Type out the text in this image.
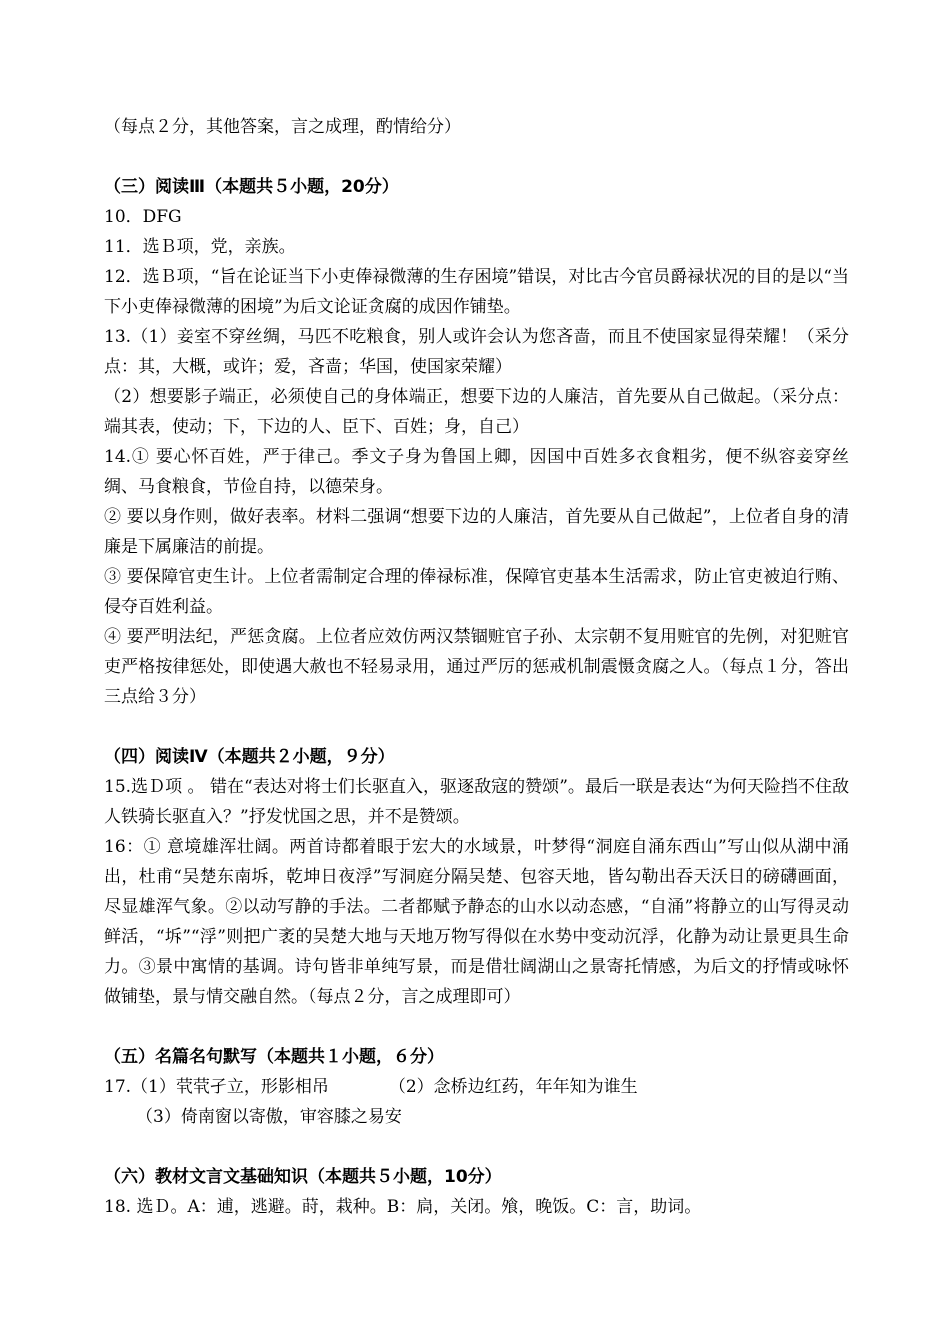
（每点２分，其他答案，言之成理，酌情给分）

（三）阅读Ⅲ（本题共５小题，20分）

10．DFG

11．选Ｂ项，党，亲族。

12．选Ｂ项，“旨在论证当下小吏俸禄微薄的生存困境”错误，对比古今官员爵禄状况的目的是以“当下小吏俸禄微薄的困境”为后文论证贪腐的成因作铺垫。

13.（1）妾室不穿丝绸，马匹不吃粮食，别人或许会认为您吝啬，而且不使国家显得荣耀！（采分点：其，大概，或许；爱，吝啬；华国，使国家荣耀）

（2）想要影子端正，必须使自己的身体端正，想要下边的人廉洁，首先要从自己做起。（采分点：端其表，使动；下，下边的人、臣下、百姓；身，自己）

14.① 要心怀百姓，严于律己。季文子身为鲁国上卿，因国中百姓多衣食粗劣，便不纵容妾穿丝绸、马食粮食，节俭自持，以德荣身。

② 要以身作则，做好表率。材料二强调“想要下边的人廉洁，首先要从自己做起”，上位者自身的清廉是下属廉洁的前提。

③ 要保障官吏生计。上位者需制定合理的俸禄标准，保障官吏基本生活需求，防止官吏被迫行贿、侵夺百姓利益。

④ 要严明法纪，严惩贪腐。上位者应效仿两汉禁锢赃官子孙、太宗朝不复用赃官的先例，对犯赃官吏严格按律惩处，即使遇大赦也不轻易录用，通过严厉的惩戒机制震慑贪腐之人。（每点１分，答出三点给３分）

（四）阅读Ⅳ（本题共２小题，９分）

15.选Ｄ项 。 错在“表达对将士们长驱直入，驱逐敌寇的赞颂”。最后一联是表达“为何天险挡不住敌人铁骑长驱直入？”抒发忧国之思，并不是赞颂。

16：① 意境雄浑壮阔。两首诗都着眼于宏大的水域景，叶梦得“洞庭自涌东西山”写山似从湖中涌出，杜甫“吴楚东南坼，乾坤日夜浮”写洞庭分隔吴楚、包容天地，皆勾勒出吞天沃日的磅礴画面，尽显雄浑气象。②以动写静的手法。二者都赋予静态的山水以动态感，“自涌”将静立的山写得灵动鲜活，“坼”“浮”则把广袤的吴楚大地与天地万物写得似在水势中变动沉浮，化静为动让景更具生命力。③景中寓情的基调。诗句皆非单纯写景，而是借壮阔湖山之景寄托情感，为后文的抒情或咏怀做铺垫，景与情交融自然。（每点２分，言之成理即可）

（五）名篇名句默写（本题共１小题，６分）

17.（1）茕茕孑立，形影相吊	（2）念桥边红药，年年知为谁生

（3）倚南窗以寄傲，审容膝之易安

（六）教材文言文基础知识（本题共５小题，10分）

18. 选Ｄ。A：逋，逃避。莳，栽种。B：扃，关闭。飧，晚饭。C：言，助词。
